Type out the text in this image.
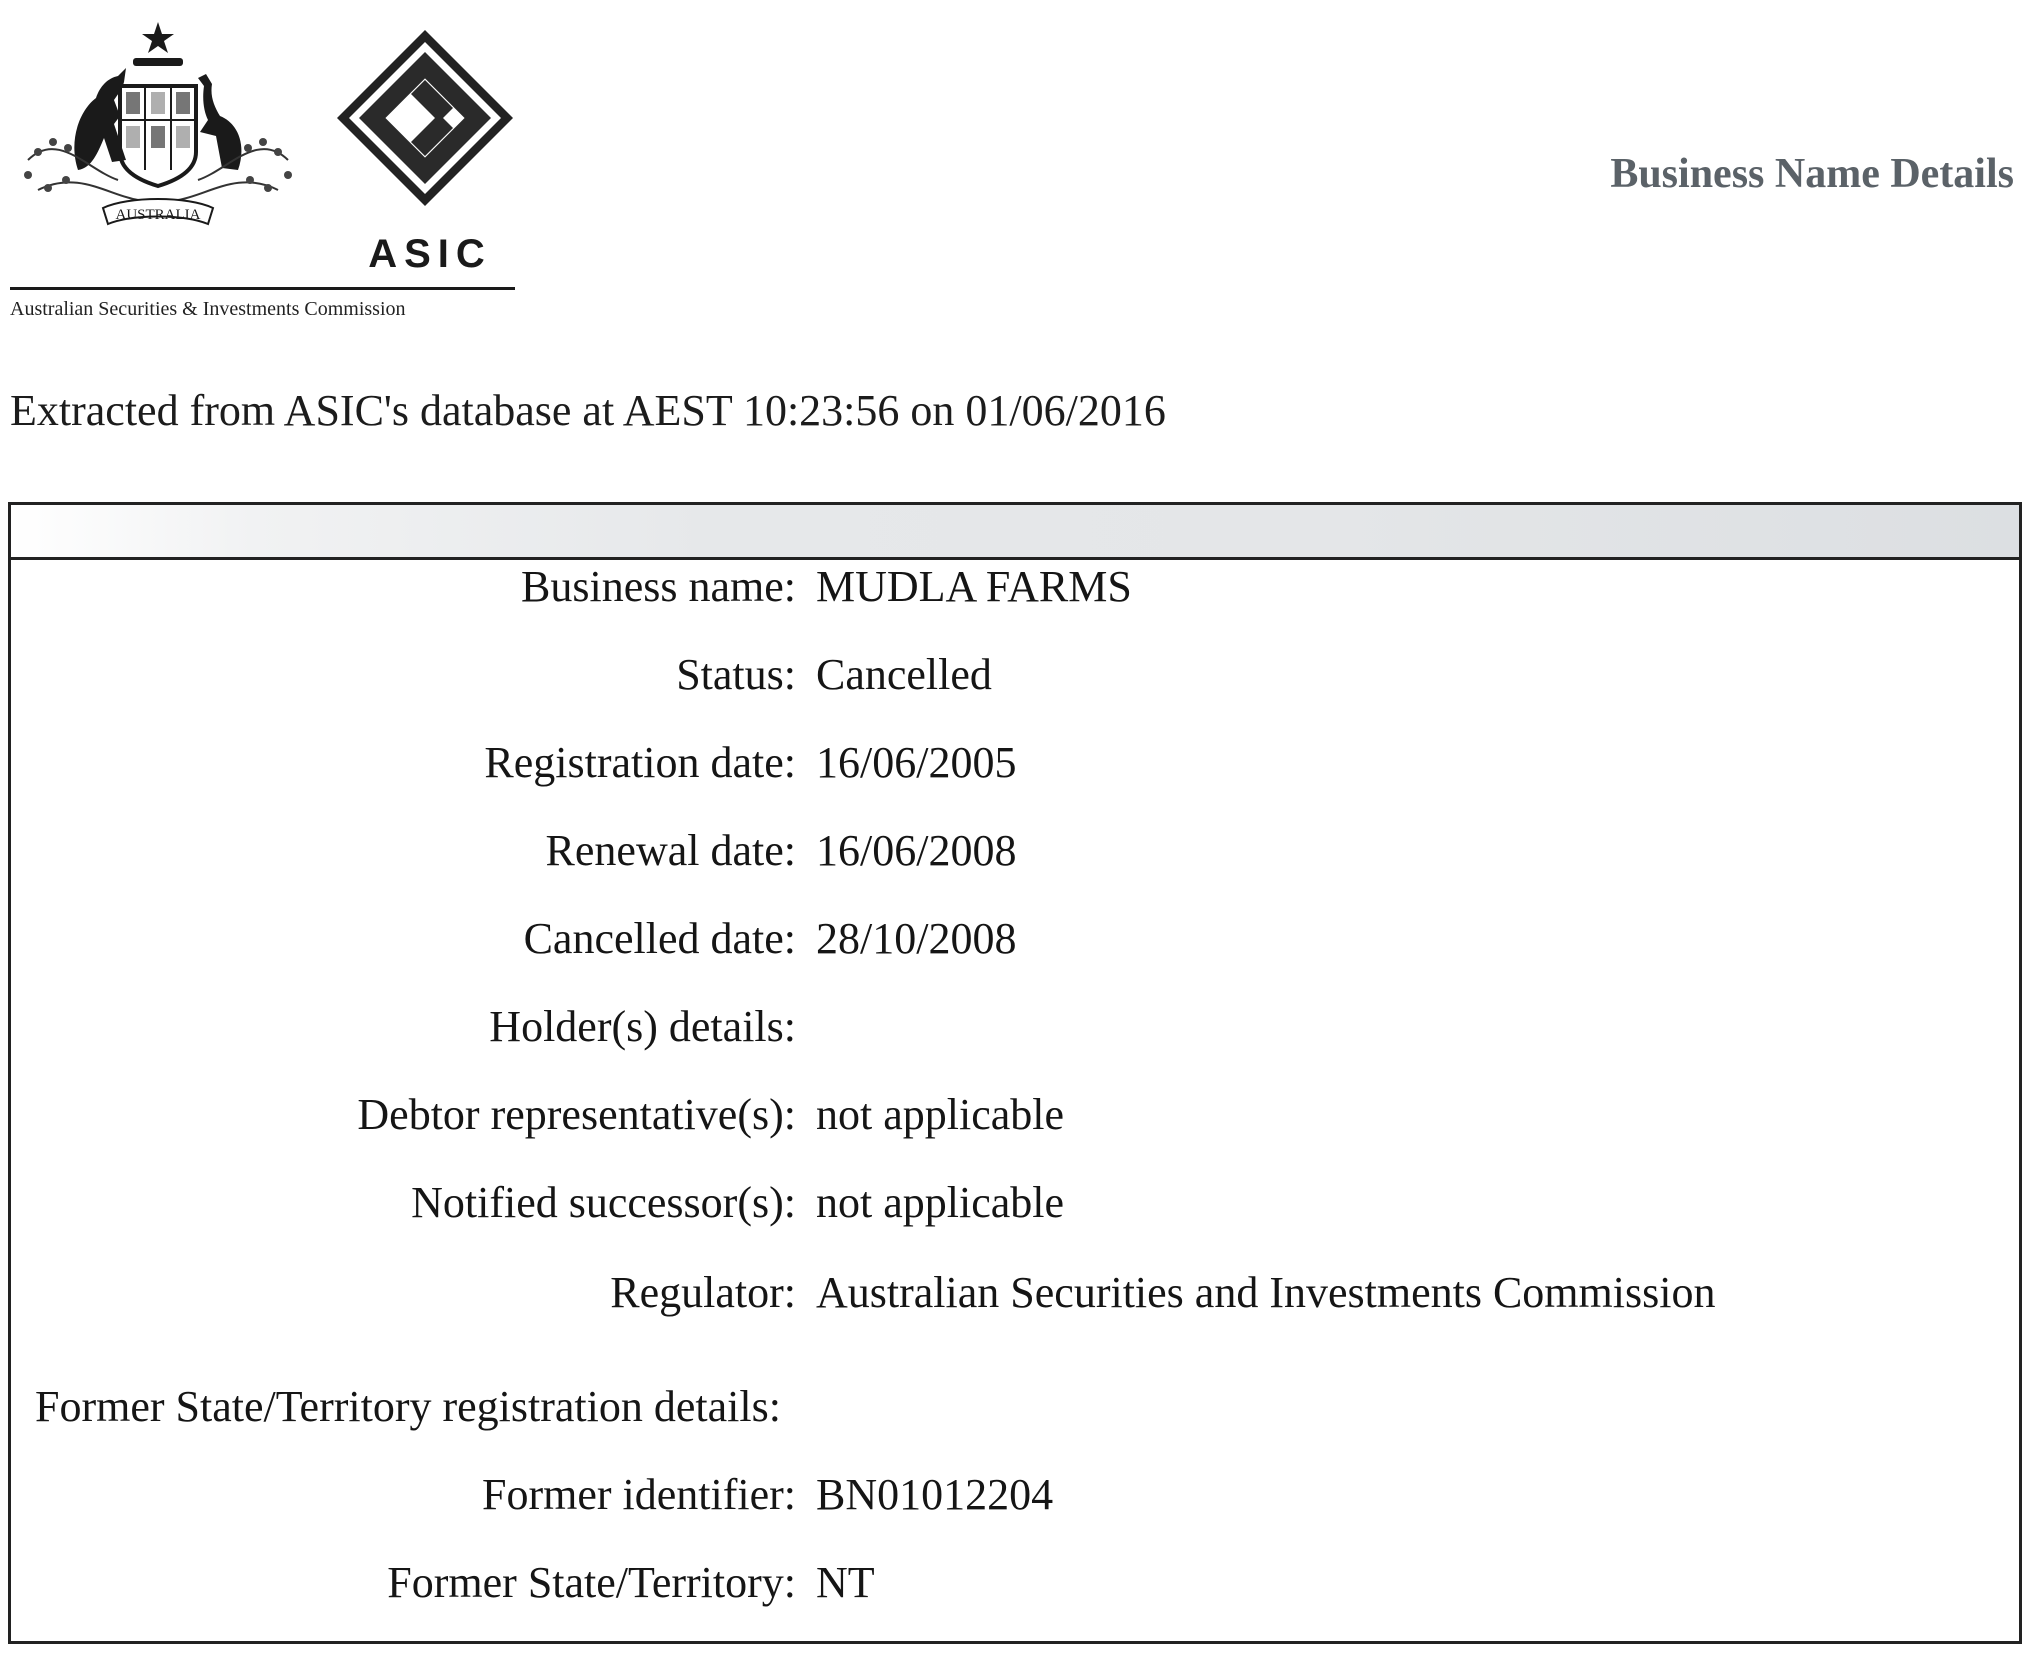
AUSTRALIA
ASIC
Australian Securities & Investments Commission
Business Name Details
Extracted from ASIC's database at AEST 10:23:56 on 01/06/2016
Business name: MUDLA FARMS
Status: Cancelled
Registration date: 16/06/2005
Renewal date: 16/06/2008
Cancelled date: 28/10/2008
Holder(s) details:
Debtor representative(s): not applicable
Notified successor(s): not applicable
Regulator: Australian Securities and Investments Commission
Former State/Territory registration details:
Former identifier: BN01012204
Former State/Territory: NT
